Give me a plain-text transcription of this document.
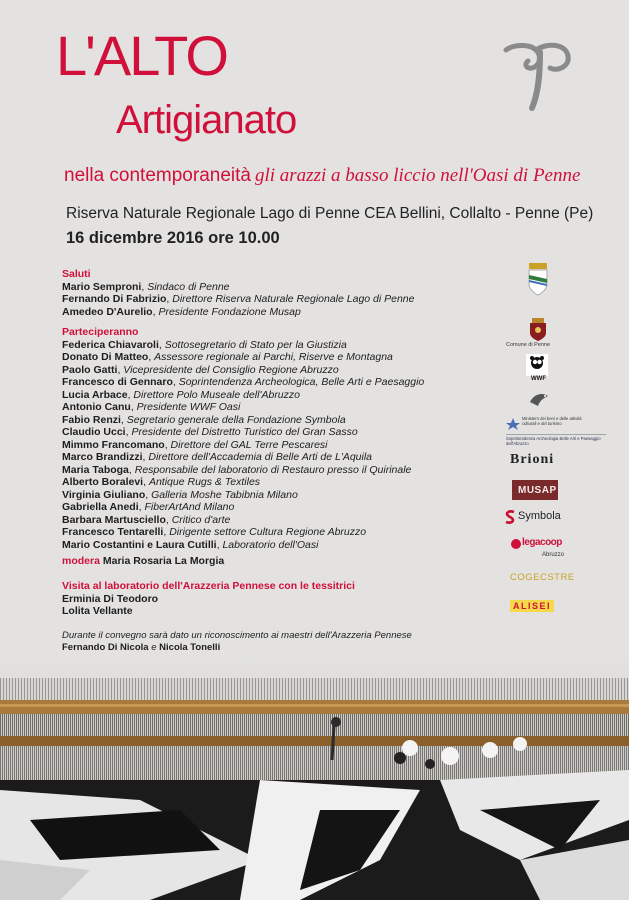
L'ALTO
Artigianato
nella contemporaneità gli arazzi a basso liccio nell'Oasi di Penne
Riserva Naturale Regionale Lago di Penne CEA Bellini, Collalto - Penne (Pe)
16 dicembre 2016 ore 10.00
Saluti
Mario Semproni, Sindaco di Penne
Fernando Di Fabrizio, Direttore Riserva Naturale Regionale Lago di Penne
Amedeo D'Aurelio, Presidente Fondazione Musap
Parteciperanno
Federica Chiavaroli, Sottosegretario di Stato per la Giustizia
Donato Di Matteo, Assessore regionale ai Parchi, Riserve e Montagna
Paolo Gatti, Vicepresidente del Consiglio Regione Abruzzo
Francesco di Gennaro, Soprintendenza Archeologica, Belle Arti e Paesaggio
Lucia Arbace, Direttore Polo Museale dell'Abruzzo
Antonio Canu, Presidente WWF Oasi
Fabio Renzi, Segretario generale della Fondazione Symbola
Claudio Ucci, Presidente del Distretto Turistico del Gran Sasso
Mimmo Francomano, Direttore del GAL Terre Pescaresi
Marco Brandizzi, Direttore dell'Accademia di Belle Arti de L'Aquila
Maria Taboga, Responsabile del laboratorio di Restauro presso il Quirinale
Alberto Boralevi, Antique Rugs & Textiles
Virginia Giuliano, Galleria Moshe Tabibnia Milano
Gabriella Anedi, FiberArtAnd Milano
Barbara Martusciello, Critico d'arte
Francesco Tentarelli, Dirigente settore Cultura Regione Abruzzo
Mario Costantini e Laura Cutilli, Laboratorio dell'Oasi
modera Maria Rosaria La Morgia
Visita al laboratorio dell'Arazzeria Pennese con le tessitrici
Erminia Di Teodoro
Lolita Vellante
Durante il convegno sarà dato un riconoscimento ai maestri dell'Arazzeria Pennese
Fernando Di Nicola e Nicola Tonelli
Comune di Penne
WWF
Ministero dei beni e delle attività culturali e del turismo
Soprintendenza Archeologia Belle Arti e Paesaggio dell'Abruzzo
Brioni
MUSAP
Symbola
legacoop
Abruzzo
COGECSTRE
ALISEI
